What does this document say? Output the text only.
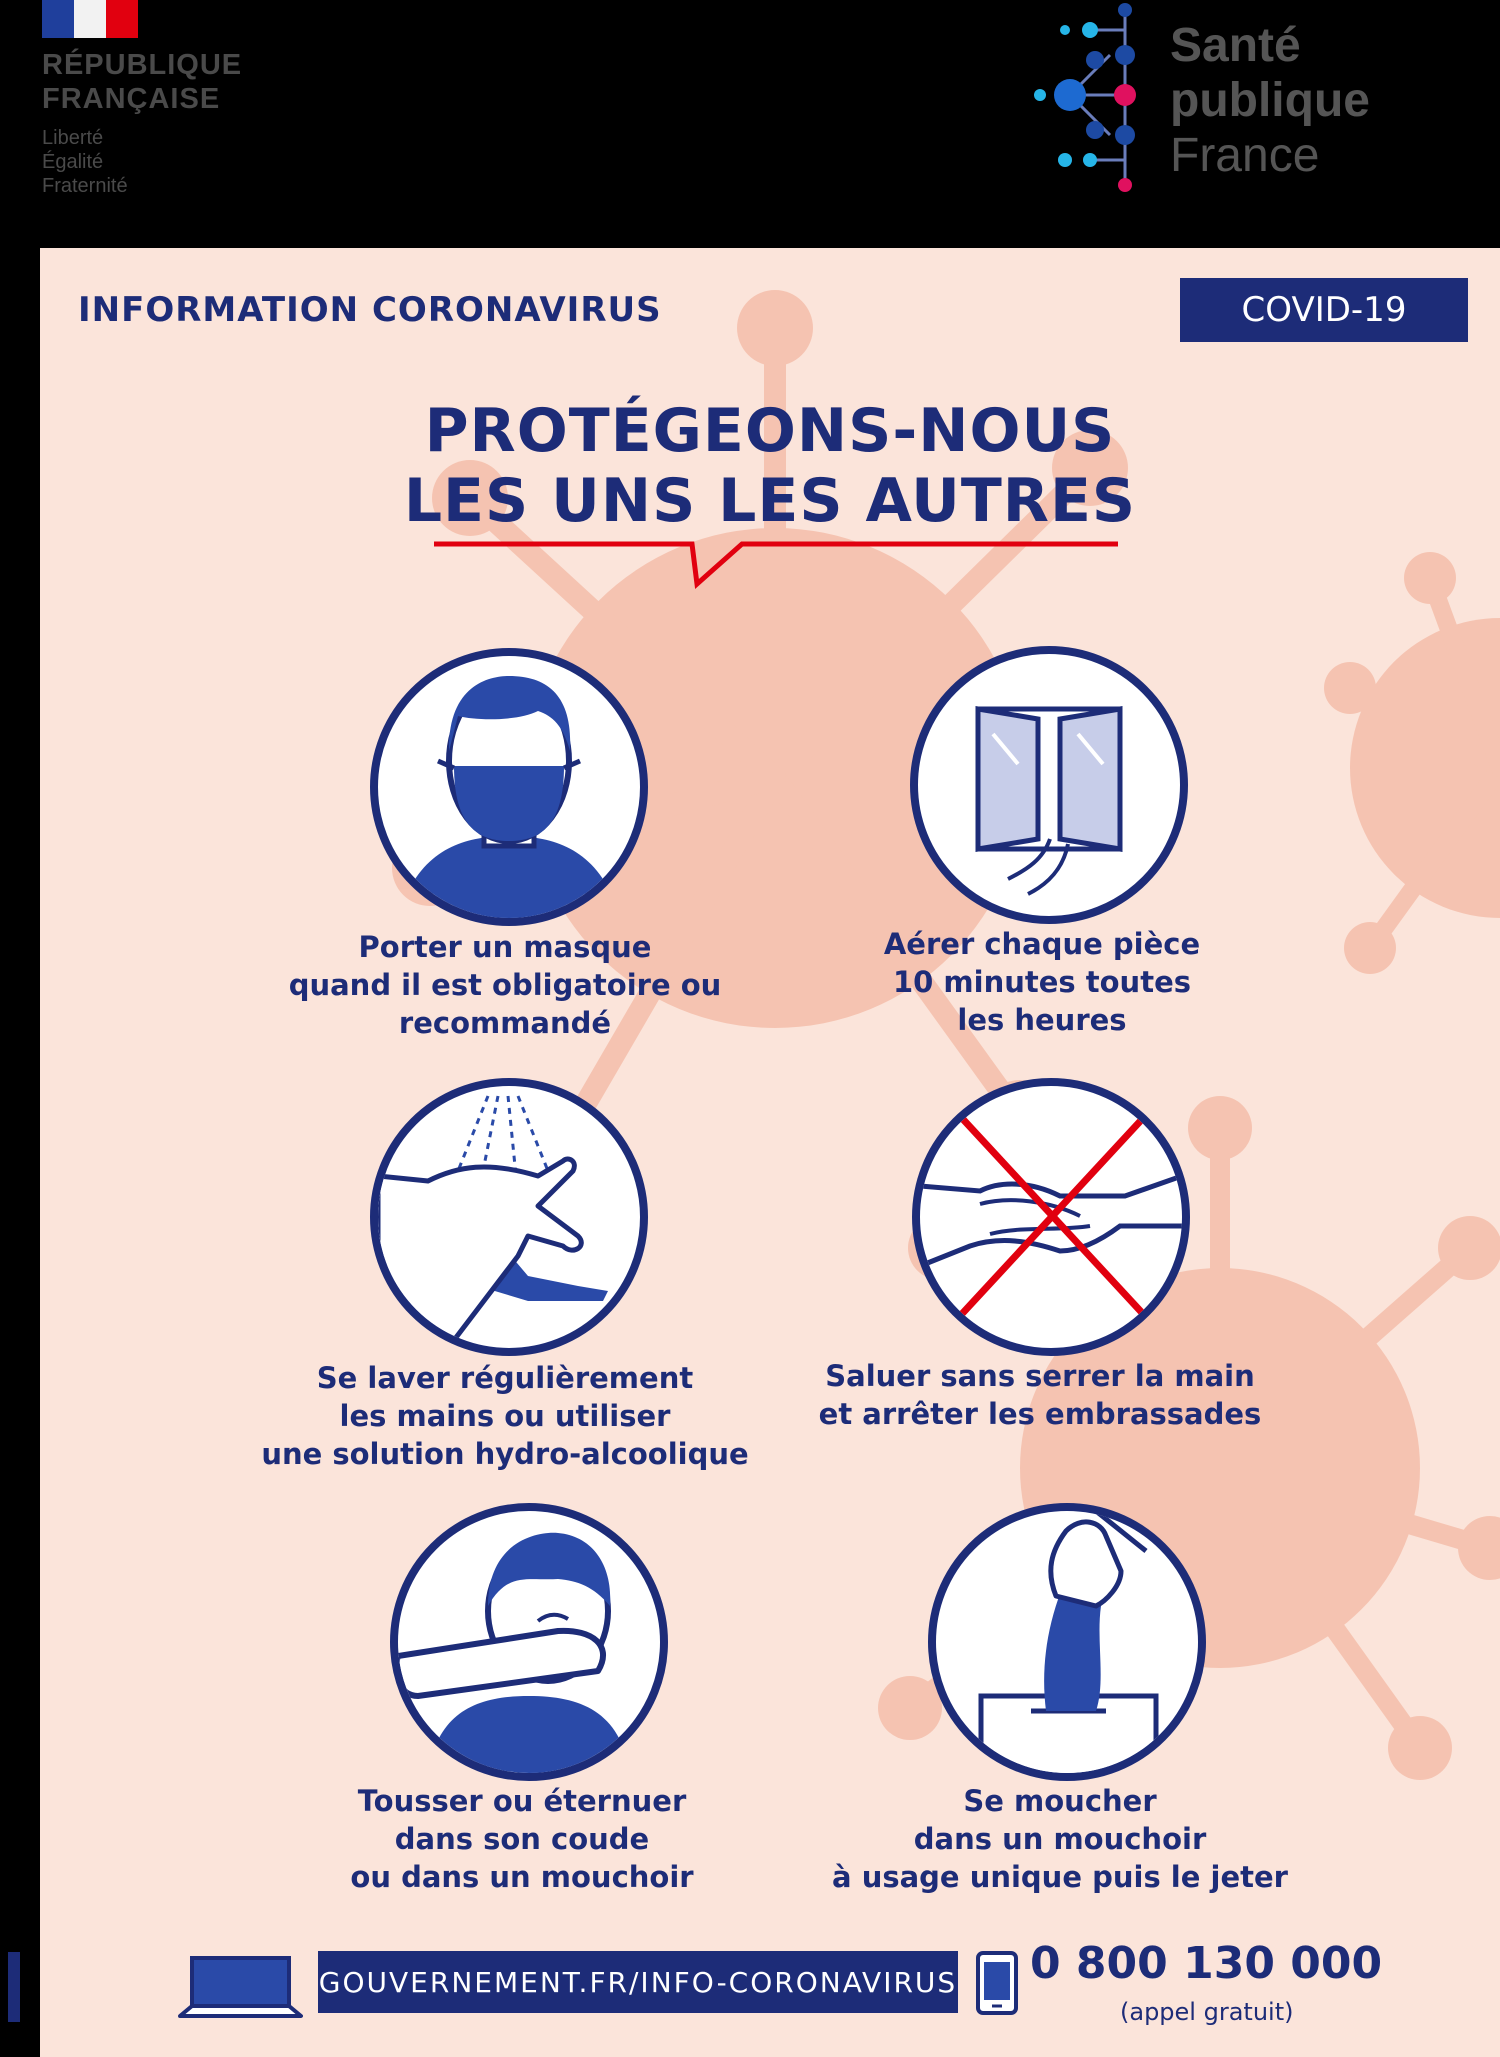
RÉPUBLIQUE
FRANÇAISE

Liberté
Égalité
Fraternité

Santé
publique
France

INFORMATION CORONAVIRUS	COVID-19
PROTÉGEONS-NOUS
LES UNS LES AUTRES

Porter un masque
quand il est obligatoire ou
recommandé

Aérer chaque pièce
10 minutes toutes
les heures

Se laver régulièrement
les mains ou utiliser
une solution hydro-alcoolique

Saluer sans serrer la main
et arrêter les embrassades

Tousser ou éternuer
dans son coude
ou dans un mouchoir

Se moucher
dans un mouchoir
à usage unique puis le jeter

GOUVERNEMENT.FR/INFO-CORONAVIRUS 0 800 130 000

(appel gratuit)
